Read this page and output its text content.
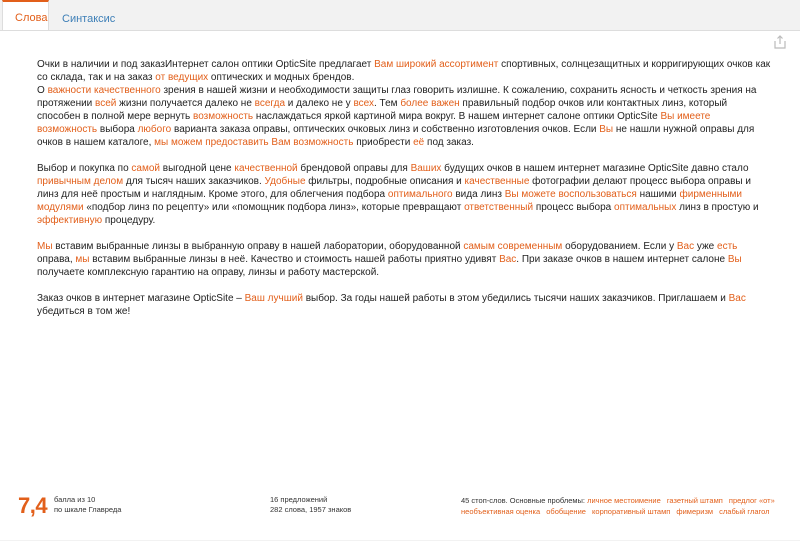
Слова	Синтаксис

Очки в наличии и под заказИнтернет салон оптики OpticSite предлагает Вам широкий ассортимент спортивных, солнцезащитных и корригирующих очков как со склада, так и на заказ от ведущих оптических и модных брендов.
О важности качественного зрения в нашей жизни и необходимости защиты глаз говорить излишне. К сожалению, сохранить ясность и четкость зрения на протяжении всей жизни получается далеко не всегда и далеко не у всех. Тем более важен правильный подбор очков или контактных линз, который способен в полной мере вернуть возможность наслаждаться яркой картиной мира вокруг. В нашем интернет салоне оптики OpticSite Вы имеете возможность выбора любого варианта заказа оправы, оптических очковых линз и собственно изготовления очков. Если Вы не нашли нужной оправы для очков в нашем каталоге, мы можем предоставить Вам возможность приобрести её под заказ.

Выбор и покупка по самой выгодной цене качественной брендовой оправы для Ваших будущих очков в нашем интернет магазине OpticSite давно стало привычным делом для тысяч наших заказчиков. Удобные фильтры, подробные описания и качественные фотографии делают процесс выбора оправы и линз для неё простым и наглядным. Кроме этого, для облегчения подбора оптимального вида линз Вы можете воспользоваться нашими фирменными модулями «подбор линз по рецепту» или «помощник подбора линз», которые превращают ответственный процесс выбора оптимальных линз в простую и эффективную процедуру.

Мы вставим выбранные линзы в выбранную оправу в нашей лаборатории, оборудованной самым современным оборудованием. Если у Вас уже есть оправа, мы вставим выбранные линзы в неё. Качество и стоимость нашей работы приятно удивят Вас. При заказе очков в нашем интернет салоне Вы получаете комплексную гарантию на оправу, линзы и работу мастерской.

Заказ очков в интернет магазине OpticSite – Ваш лучший выбор. За годы нашей работы в этом убедились тысячи наших заказчиков. Приглашаем и Вас убедиться в том же!

7,4 балла из 10
по шкале Главреда
16 предложений
282 слова, 1957 знаков
45 стоп-слов. Основные проблемы: личное местоимение газетный штамп предлог «от» необъективная оценка обобщение корпоративный штамп фимеризм слабый глагол
